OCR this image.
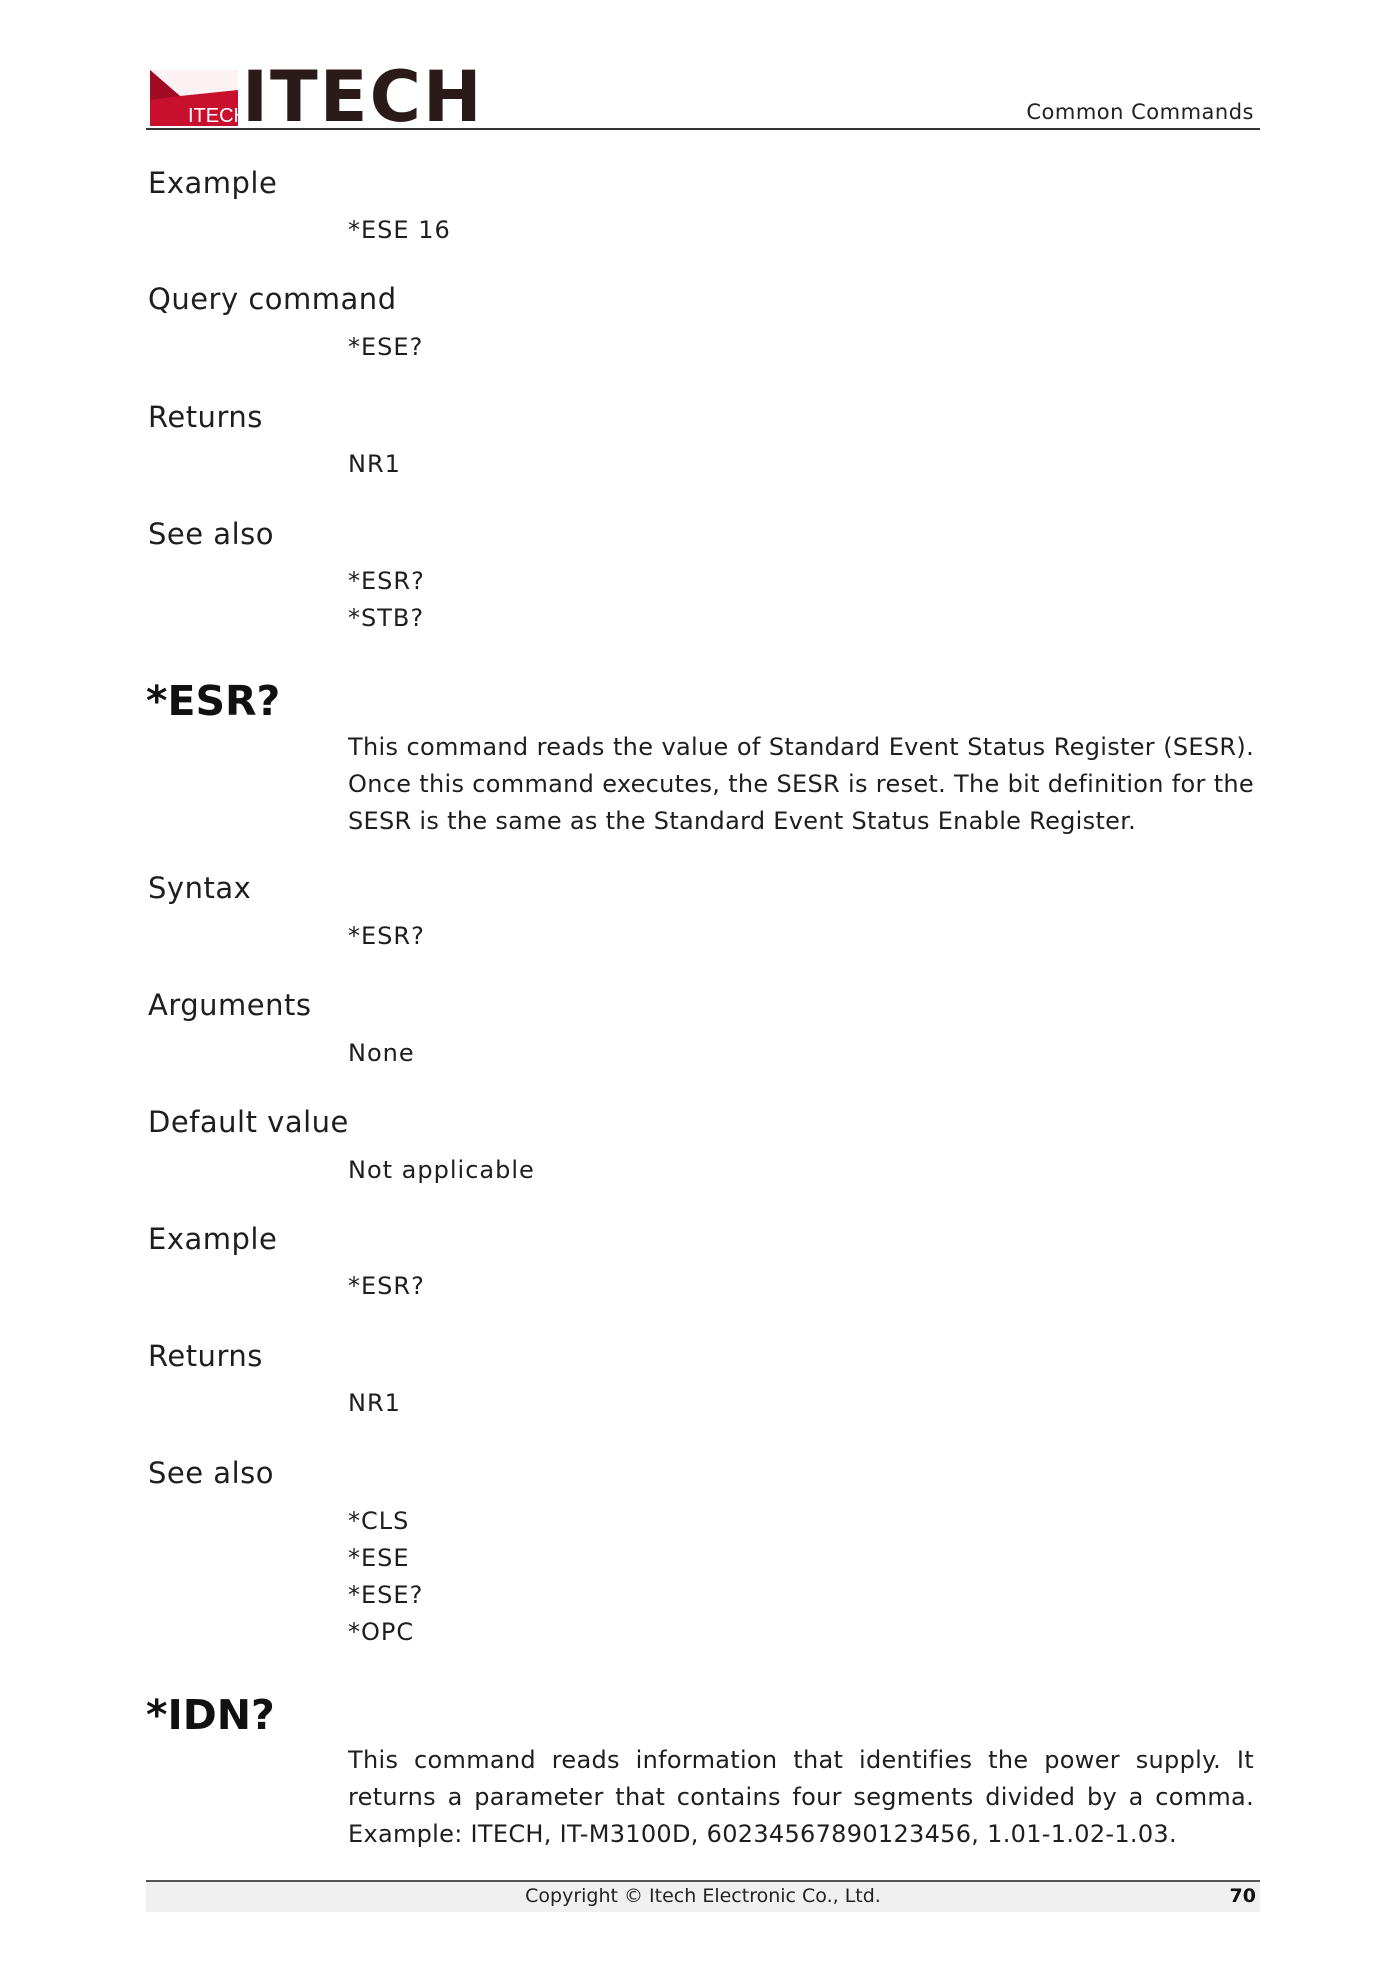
ITECH
ITECH	Common Commands
Example
*ESE 16
Query command
*ESE?
Returns
NR1
See also
*ESR?
*STB?
*ESR?
This command reads the value of Standard Event Status Register (SESR). Once this command executes, the SESR is reset. The bit definition for the SESR is the same as the Standard Event Status Enable Register.
Syntax
*ESR?
Arguments
None
Default value
Not applicable
Example
*ESR?
Returns
NR1
See also
*CLS
*ESE
*ESE?
*OPC
*IDN?
This command reads information that identifies the power supply. It returns a parameter that contains four segments divided by a comma. Example: ITECH, IT-M3100D, 60234567890123456, 1.01-1.02-1.03.
Copyright © Itech Electronic Co., Ltd.	70
